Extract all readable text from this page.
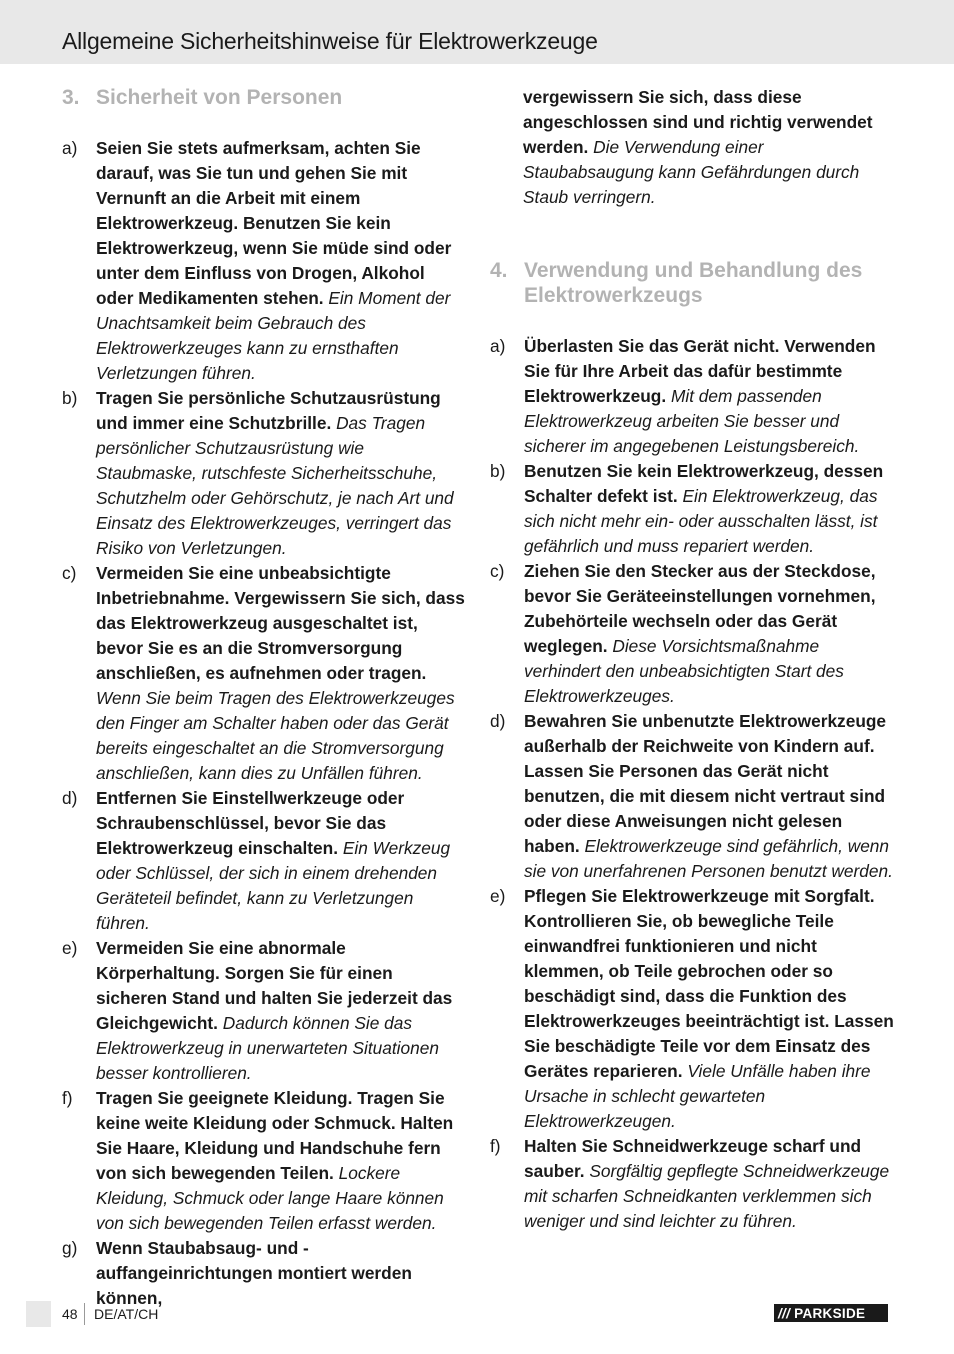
Allgemeine Sicherheitshinweise für Elektrowerkzeuge
3. Sicherheit von Personen
a)	Seien Sie stets aufmerksam, achten Sie darauf, was Sie tun und gehen Sie mit Vernunft an die Arbeit mit einem Elektrowerkzeug. Benutzen Sie kein Elektrowerkzeug, wenn Sie müde sind oder unter dem Einfluss von Drogen, Alkohol oder Medikamenten stehen. Ein Moment der Unachtsamkeit beim Gebrauch des Elektrowerkzeuges kann zu ernsthaften Verletzungen führen.
b)	Tragen Sie persönliche Schutzausrüstung und immer eine Schutzbrille. Das Tragen persönlicher Schutzausrüstung wie Staubmaske, rutschfeste Sicherheitsschuhe, Schutzhelm oder Gehörschutz, je nach Art und Einsatz des Elektrowerkzeuges, verringert das Risiko von Verletzungen.
c)	Vermeiden Sie eine unbeabsichtigte Inbetriebnahme. Vergewissern Sie sich, dass das Elektrowerkzeug ausgeschaltet ist, bevor Sie es an die Stromversorgung anschließen, es aufnehmen oder tragen. Wenn Sie beim Tragen des Elektrowerkzeuges den Finger am Schalter haben oder das Gerät bereits eingeschaltet an die Stromversorgung anschließen, kann dies zu Unfällen führen.
d)	Entfernen Sie Einstellwerkzeuge oder Schraubenschlüssel, bevor Sie das Elektrowerkzeug einschalten. Ein Werkzeug oder Schlüssel, der sich in einem drehenden Geräteteil befindet, kann zu Verletzungen führen.
e)	Vermeiden Sie eine abnormale Körperhaltung. Sorgen Sie für einen sicheren Stand und halten Sie jederzeit das Gleichgewicht. Dadurch können Sie das Elektrowerkzeug in unerwarteten Situationen besser kontrollieren.
f)	Tragen Sie geeignete Kleidung. Tragen Sie keine weite Kleidung oder Schmuck. Halten Sie Haare, Kleidung und Handschuhe fern von sich bewegenden Teilen. Lockere Kleidung, Schmuck oder lange Haare können von sich bewegenden Teilen erfasst werden.
g)	Wenn Staubabsaug- und -auffangeinrichtungen montiert werden können,
vergewissern Sie sich, dass diese angeschlossen sind und richtig verwendet werden. Die Verwendung einer Staubabsaugung kann Gefährdungen durch Staub verringern.
4. Verwendung und Behandlung des Elektrowerkzeugs
a)	Überlasten Sie das Gerät nicht. Verwenden Sie für Ihre Arbeit das dafür bestimmte Elektrowerkzeug. Mit dem passenden Elektrowerkzeug arbeiten Sie besser und sicherer im angegebenen Leistungsbereich.
b)	Benutzen Sie kein Elektrowerkzeug, dessen Schalter defekt ist. Ein Elektrowerkzeug, das sich nicht mehr ein- oder ausschalten lässt, ist gefährlich und muss repariert werden.
c)	Ziehen Sie den Stecker aus der Steckdose, bevor Sie Geräteeinstellungen vornehmen, Zubehörteile wechseln oder das Gerät weglegen. Diese Vorsichtsmaßnahme verhindert den unbeabsichtigten Start des Elektrowerkzeuges.
d)	Bewahren Sie unbenutzte Elektrowerkzeuge außerhalb der Reichweite von Kindern auf. Lassen Sie Personen das Gerät nicht benutzen, die mit diesem nicht vertraut sind oder diese Anweisungen nicht gelesen haben. Elektrowerkzeuge sind gefährlich, wenn sie von unerfahrenen Personen benutzt werden.
e)	Pflegen Sie Elektrowerkzeuge mit Sorgfalt. Kontrollieren Sie, ob bewegliche Teile einwandfrei funktionieren und nicht klemmen, ob Teile gebrochen oder so beschädigt sind, dass die Funktion des Elektrowerkzeuges beeinträchtigt ist. Lassen Sie beschädigte Teile vor dem Einsatz des Gerätes reparieren. Viele Unfälle haben ihre Ursache in schlecht gewarteten Elektrowerkzeugen.
f)	Halten Sie Schneidwerkzeuge scharf und sauber. Sorgfältig gepflegte Schneidwerkzeuge mit scharfen Schneidkanten verklemmen sich weniger und sind leichter zu führen.
48 DE/AT/CH	/// PARKSIDE
